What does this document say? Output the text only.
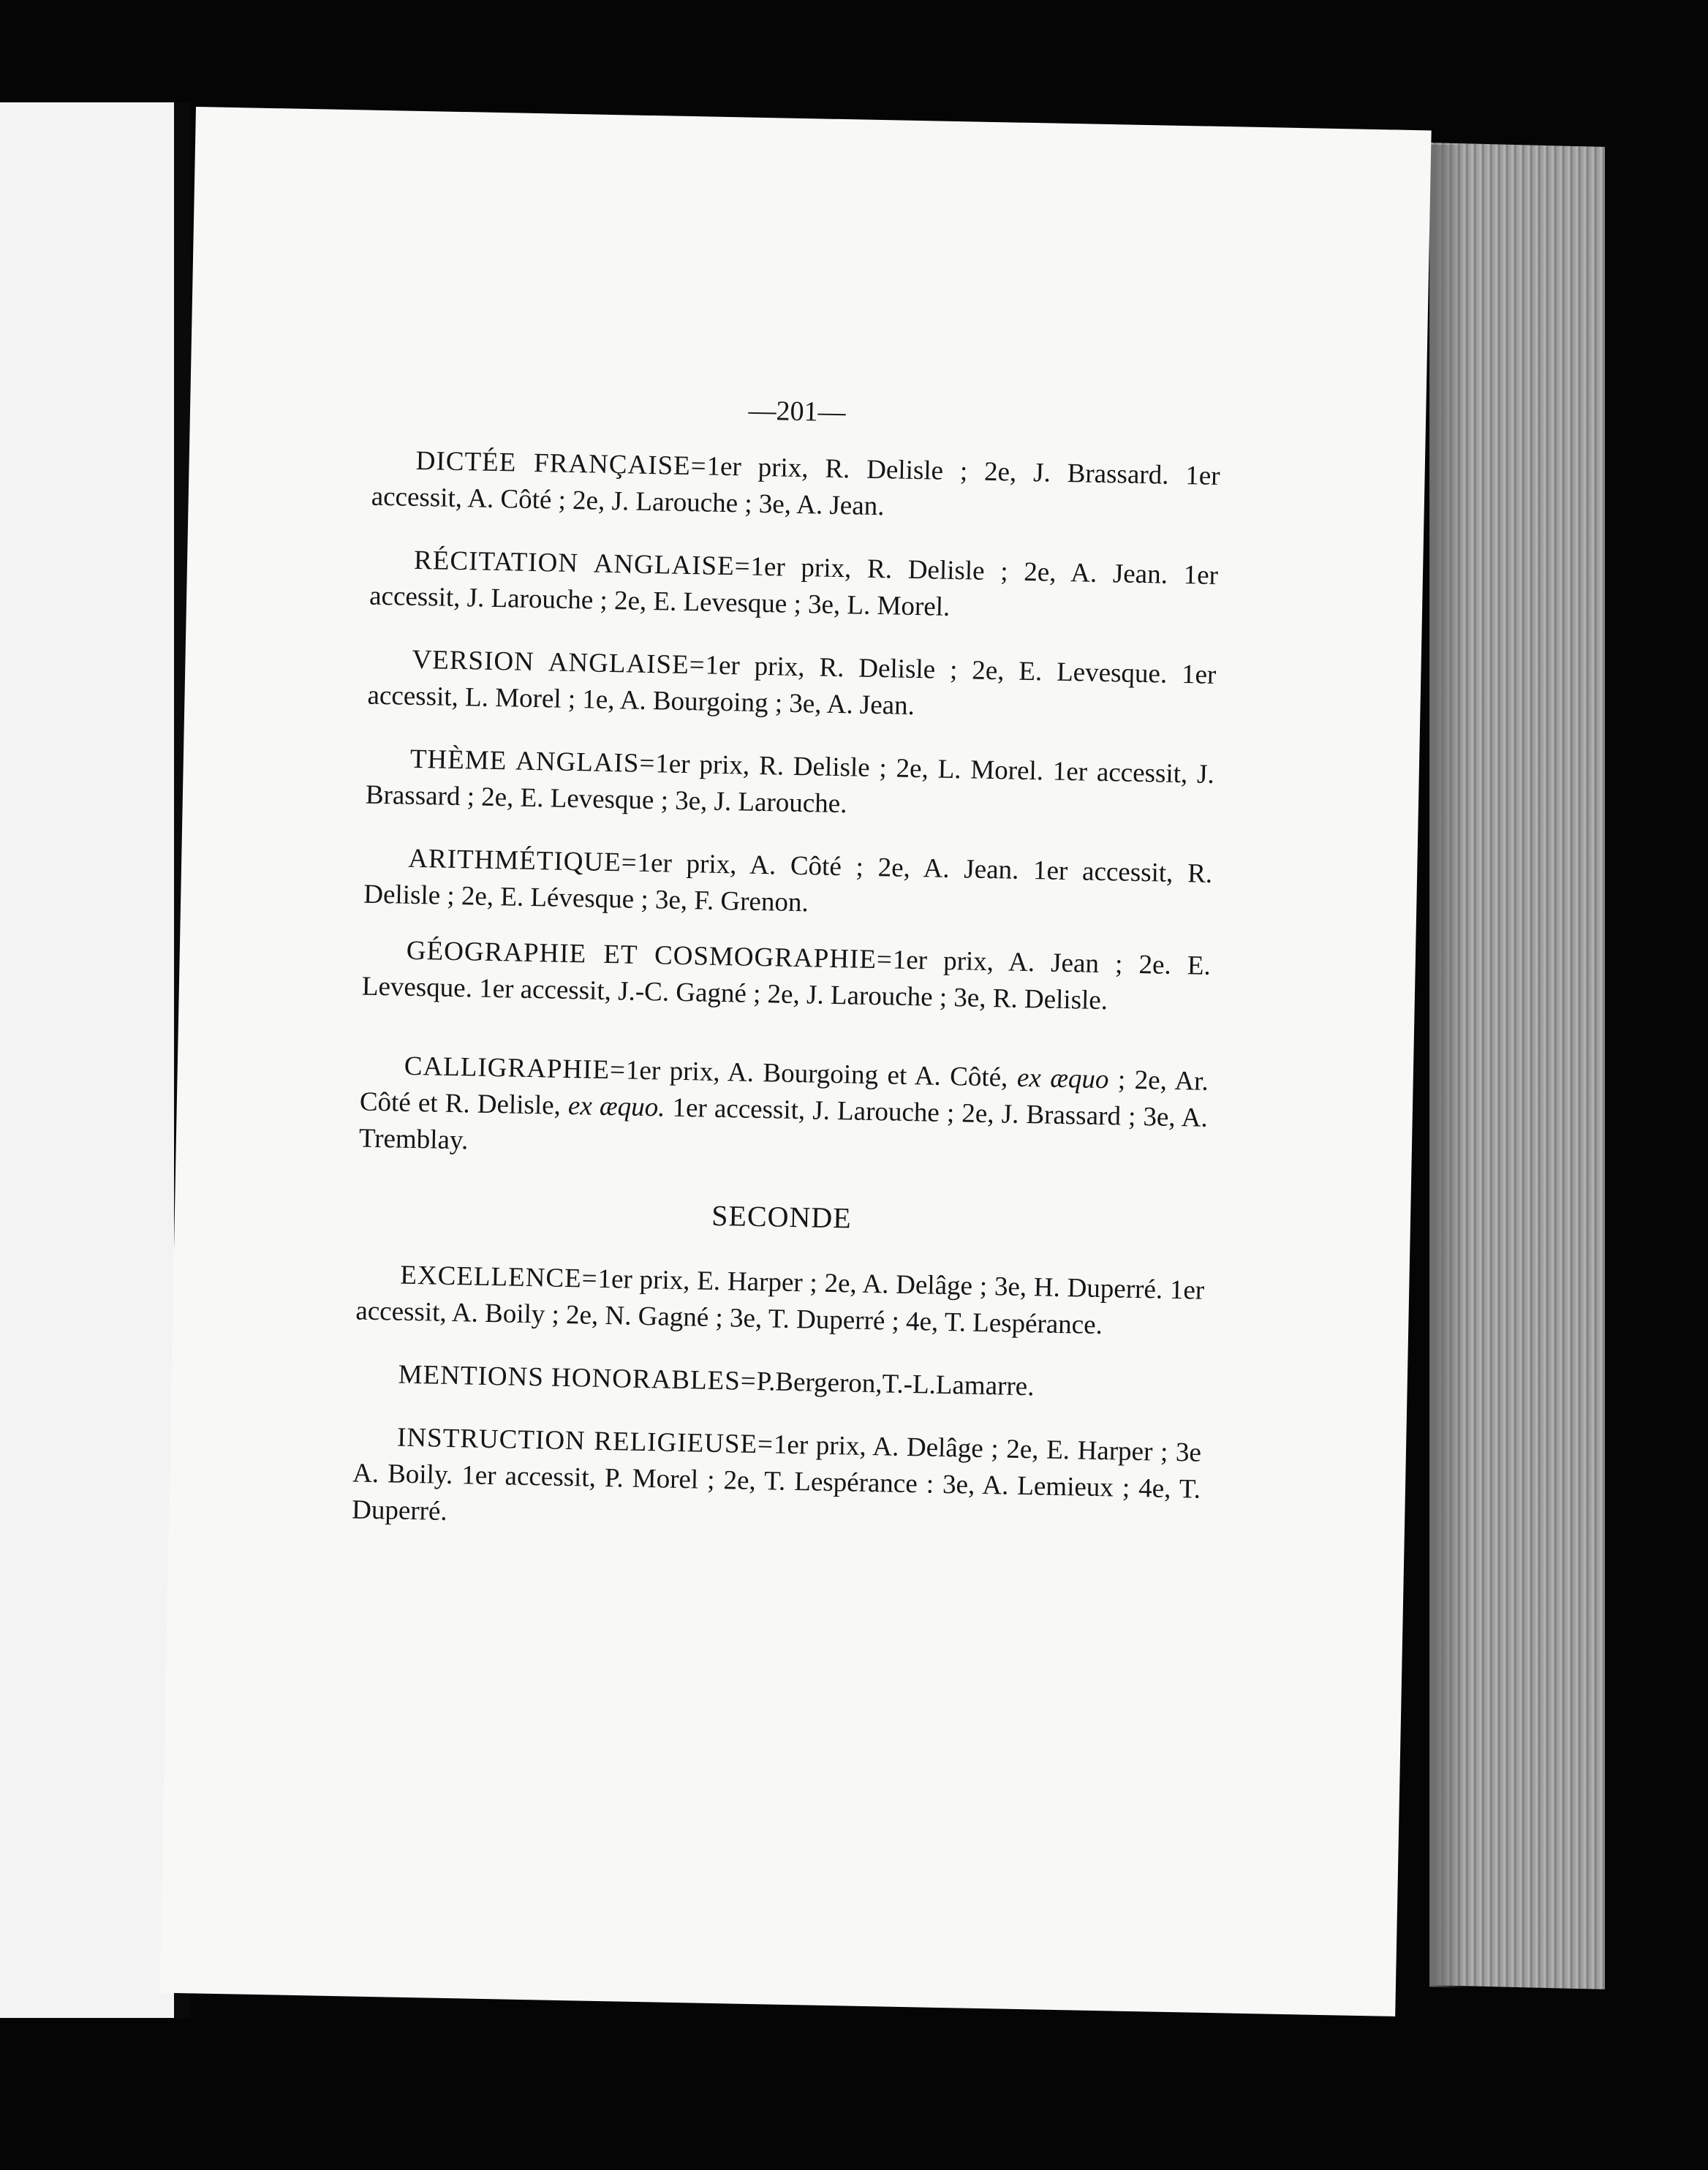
—201—

DICTÉE FRANÇAISE=1er prix, R. Delisle ; 2e, J. Brassard. 1er accessit, A. Côté ; 2e, J. Larouche ; 3e, A. Jean.

RÉCITATION ANGLAISE=1er prix, R. Delisle ; 2e, A. Jean. 1er accessit, J. Larouche ; 2e, E. Levesque ; 3e, L. Morel.

VERSION ANGLAISE=1er prix, R. Delisle ; 2e, E. Levesque. 1er accessit, L. Morel ; 1e, A. Bourgoing ; 3e, A. Jean.

THÈME ANGLAIS=1er prix, R. Delisle ; 2e, L. Morel. 1er accessit, J. Brassard ; 2e, E. Levesque ; 3e, J. Larouche.

ARITHMÉTIQUE=1er prix, A. Côté ; 2e, A. Jean. 1er accessit, R. Delisle ; 2e, E. Lévesque ; 3e, F. Grenon.

GÉOGRAPHIE ET COSMOGRAPHIE=1er prix, A. Jean ; 2e. E. Levesque. 1er accessit, J.-C. Gagné ; 2e, J. Larouche ; 3e, R. Delisle.

CALLIGRAPHIE=1er prix, A. Bourgoing et A. Côté, ex æquo ; 2e, Ar. Côté et R. Delisle, ex æquo. 1er accessit, J. Larouche ; 2e, J. Brassard ; 3e, A. Tremblay.

SECONDE

EXCELLENCE=1er prix, E. Harper ; 2e, A. Delâge ; 3e, H. Duperré. 1er accessit, A. Boily ; 2e, N. Gagné ; 3e, T. Duperré ; 4e, T. Lespérance.

MENTIONS HONORABLES=P.Bergeron,T.-L.Lamarre.

INSTRUCTION RELIGIEUSE=1er prix, A. Delâge ; 2e, E. Harper ; 3e A. Boily. 1er accessit, P. Morel ; 2e, T. Lespérance : 3e, A. Lemieux ; 4e, T. Duperré.
